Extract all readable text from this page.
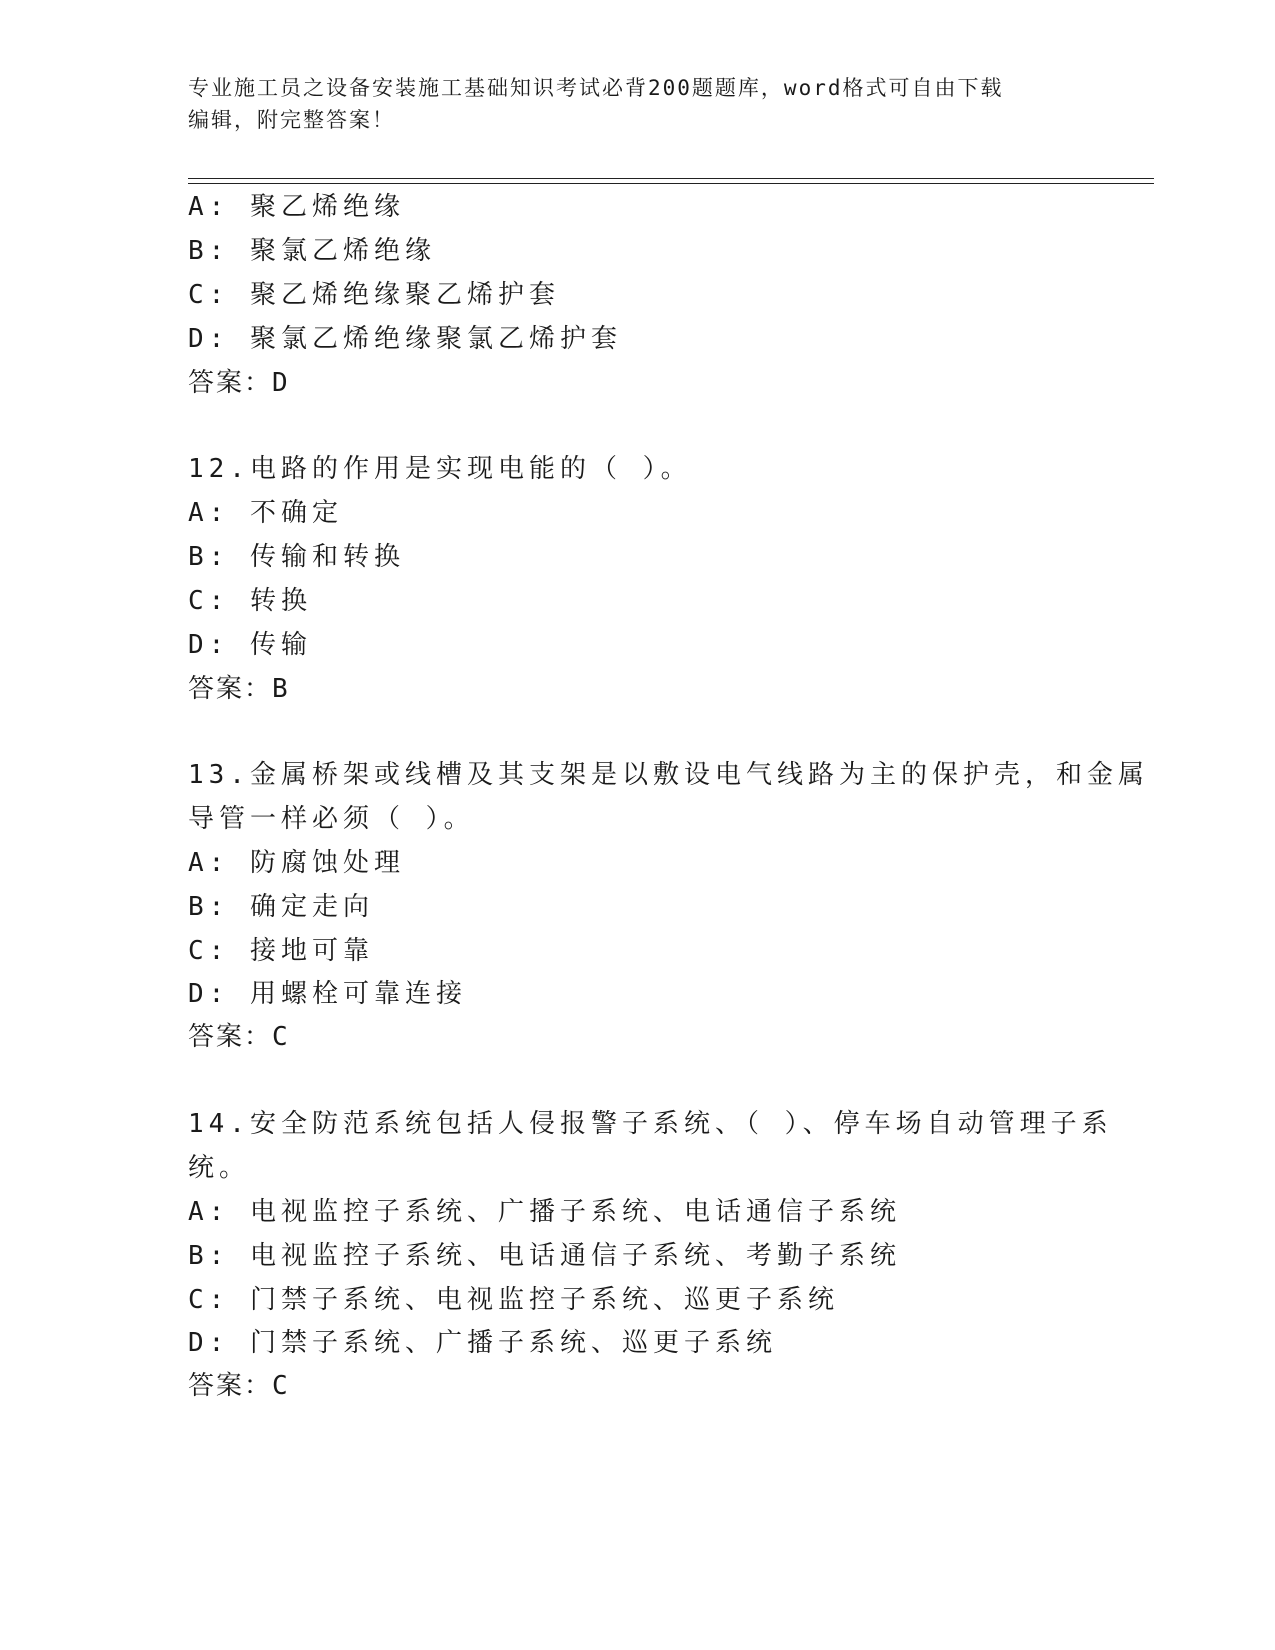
专业施工员之设备安装施工基础知识考试必背200题题库，word格式可自由下载
编辑，附完整答案！
A: 聚乙烯绝缘
B: 聚氯乙烯绝缘
C: 聚乙烯绝缘聚乙烯护套
D: 聚氯乙烯绝缘聚氯乙烯护套
答案：D
12.电路的作用是实现电能的（ ）。
A: 不确定
B: 传输和转换
C: 转换
D: 传输
答案：B
13.金属桥架或线槽及其支架是以敷设电气线路为主的保护壳，和金属
导管一样必须（ ）。
A: 防腐蚀处理
B: 确定走向
C: 接地可靠
D: 用螺栓可靠连接
答案：C
14.安全防范系统包括人侵报警子系统、（ ）、停车场自动管理子系
统。
A: 电视监控子系统、广播子系统、电话通信子系统
B: 电视监控子系统、电话通信子系统、考勤子系统
C: 门禁子系统、电视监控子系统、巡更子系统
D: 门禁子系统、广播子系统、巡更子系统
答案：C
